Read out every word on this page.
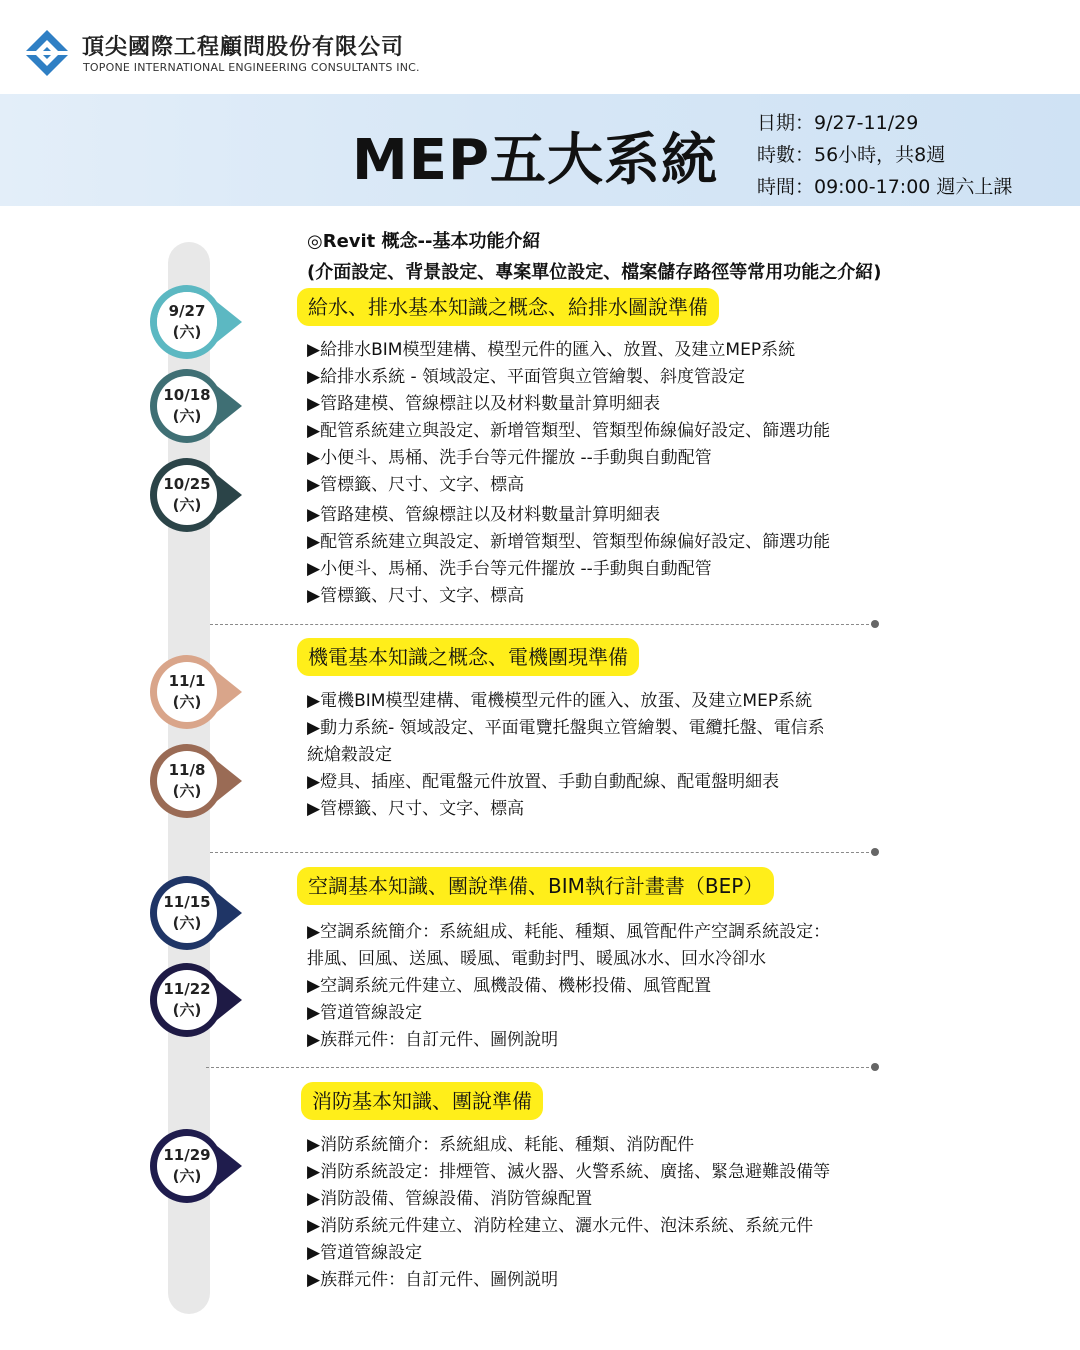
頂尖國際工程顧問股份有限公司
TOPONE INTERNATIONAL ENGINEERING CONSULTANTS INC.
MEP五大系統
日期：9/27-11/29
時數：56小時，共8週
時間：09:00-17:00 週六上課
9/27
(六)
10/18
(六)
10/25
(六)
11/1
(六)
11/8
(六)
11/15
(六)
11/22
(六)
11/29
(六)
◎Revit 概念--基本功能介紹
(介面設定、背景設定、專案單位設定、檔案儲存路徑等常用功能之介紹)
給水、排水基本知識之概念、給排水圖說準備
▶給排水BIM模型建構、模型元件的匯入、放置、及建立MEP系統
▶給排水系統 - 領域設定、平面管與立管繪製、斜度管設定
▶管路建模、管線標註以及材料數量計算明細表
▶配管系統建立與設定、新增管類型、管類型佈線偏好設定、篩選功能
▶小便斗、馬桶、洗手台等元件擺放 --手動與自動配管
▶管標籤、尺寸、文字、標高
▶管路建模、管線標註以及材料數量計算明細表
▶配管系統建立與設定、新增管類型、管類型佈線偏好設定、篩選功能
▶小便斗、馬桶、洗手台等元件擺放 --手動與自動配管
▶管標籤、尺寸、文字、標高
機電基本知識之概念、電機團現準備
▶電機BIM模型建構、電機模型元件的匯入、放蛋、及建立MEP系統
▶動力系統- 領域設定、平面電覽托盤與立管繪製、電纜托盤、電信系
統熗穀設定
▶燈具、插座、配電盤元件放置、手動自動配線、配電盤明細表
▶管標籤、尺寸、文字、標高
空調基本知識、團說準備、BIM執行計畫書（BEP）
▶空調系統簡介：系統組成、耗能、種類、風管配件产空調系統設定：
排風、回風、送風、暖風、電動封門、暖風冰水、回水冷卻水
▶空調系統元件建立、風機設備、機彬投備、風管配置
▶管道管線設定
▶族群元件：自訂元件、圖例說明
消防基本知識、團說準備
▶消防系統簡介：系統組成、耗能、種類、消防配件
▶消防系統設定：排煙管、滅火器、火警系統、廣搖、緊急避難設備等
▶消防設備、管線設備、消防管線配置
▶消防系統元件建立、消防栓建立、灑水元件、泡沫系統、系統元件
▶管道管線設定
▶族群元件：自訂元件、圖例説明
